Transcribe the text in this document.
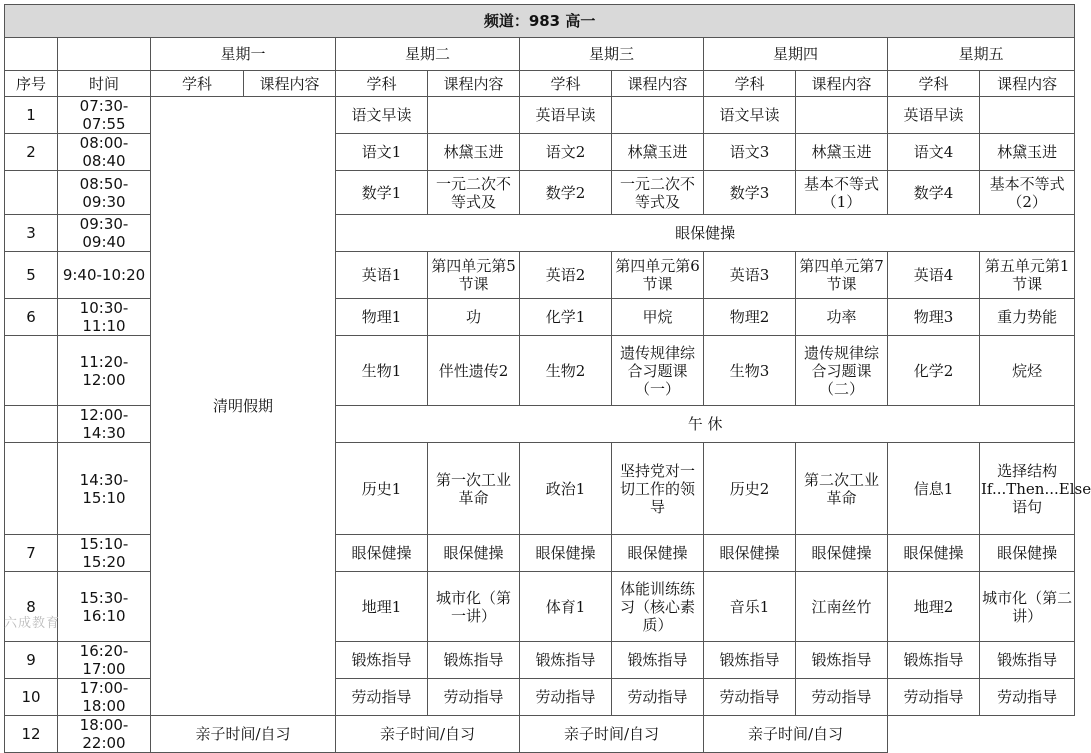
频道：983 高一											
		星期一		星期二		星期三		星期四		星期五	
序号	时间	学科	课程内容	学科	课程内容	学科	课程内容	学科	课程内容	学科	课程内容
1	07:30-07:55	清明假期		语文早读		英语早读		语文早读		英语早读	
2	08:00-08:40			语文1	林黛玉进	语文2	林黛玉进	语文3	林黛玉进	语文4	林黛玉进
	08:50-09:30			数学1	一元二次不等式及	数学2	一元二次不等式及	数学3	基本不等式（1）	数学4	基本不等式（2）
3	09:30-09:40			眼保健操							
5	9:40-10:20			英语1	第四单元第5节课	英语2	第四单元第6节课	英语3	第四单元第7节课	英语4	第五单元第1节课
6	10:30-11:10			物理1	功	化学1	甲烷	物理2	功率	物理3	重力势能
	11:20-12:00			生物1	伴性遗传2	生物2	遗传规律综合习题课（一）	生物3	遗传规律综合习题课（二）	化学2	烷烃
	12:00-14:30			午 休							
	14:30-15:10			历史1	第一次工业革命	政治1	坚持党对一切工作的领导	历史2	第二次工业革命	信息1	选择结构If...Then...Else语句
7	15:10-15:20			眼保健操	眼保健操	眼保健操	眼保健操	眼保健操	眼保健操	眼保健操	眼保健操
8	15:30-16:10			地理1	城市化（第一讲）	体育1	体能训练练习（核心素质）	音乐1	江南丝竹	地理2	城市化（第二讲）
9	16:20-17:00			锻炼指导	锻炼指导	锻炼指导	锻炼指导	锻炼指导	锻炼指导	锻炼指导	锻炼指导
10	17:00-18:00			劳动指导	劳动指导	劳动指导	劳动指导	劳动指导	劳动指导	劳动指导	劳动指导
12	18:00-22:00	亲子时间/自习		亲子时间/自习		亲子时间/自习		亲子时间/自习			
六成教育
